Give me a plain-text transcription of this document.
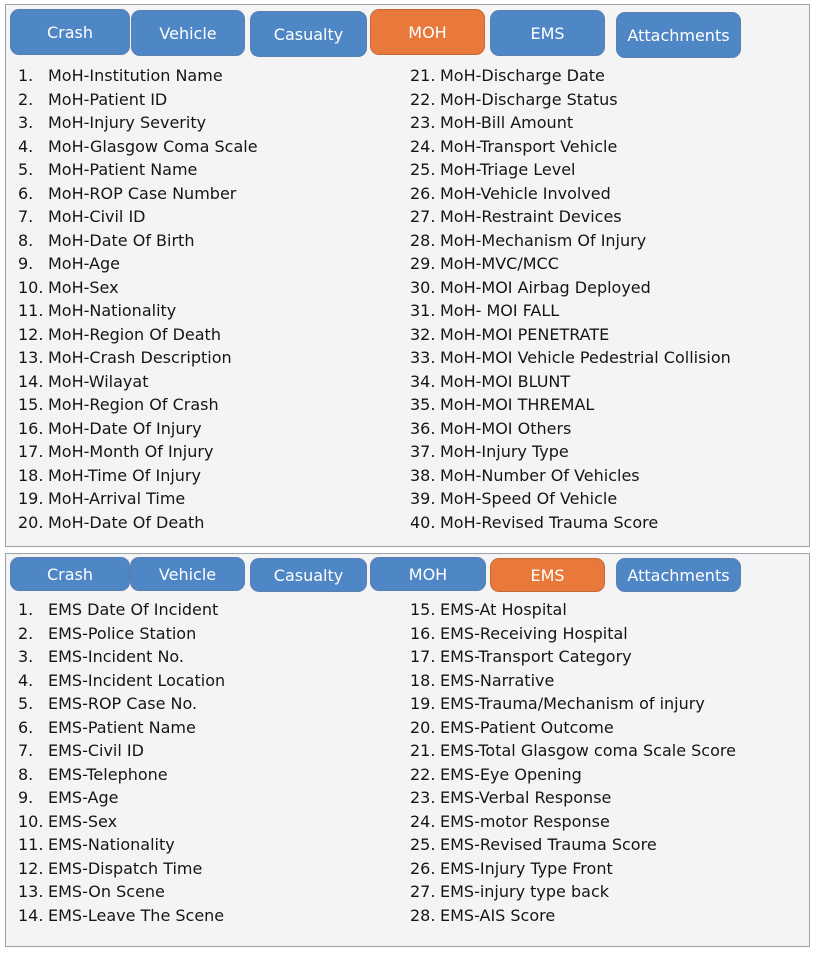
Crash	Vehicle	Casualty	MOH	EMS	Attachments
1. MoH-Institution Name
2. MoH-Patient ID
3. MoH-Injury Severity
4. MoH-Glasgow Coma Scale
5. MoH-Patient Name
6. MoH-ROP Case Number
7. MoH-Civil ID
8. MoH-Date Of Birth
9. MoH-Age
10. MoH-Sex
11. MoH-Nationality
12. MoH-Region Of Death
13. MoH-Crash Description
14. MoH-Wilayat
15. MoH-Region Of Crash
16. MoH-Date Of Injury
17. MoH-Month Of Injury
18. MoH-Time Of Injury
19. MoH-Arrival Time
20. MoH-Date Of Death
21. MoH-Discharge Date
22. MoH-Discharge Status
23. MoH-Bill Amount
24. MoH-Transport Vehicle
25. MoH-Triage Level
26. MoH-Vehicle Involved
27. MoH-Restraint Devices
28. MoH-Mechanism Of Injury
29. MoH-MVC/MCC
30. MoH-MOI Airbag Deployed
31. MoH- MOI FALL
32. MoH-MOI PENETRATE
33. MoH-MOI Vehicle Pedestrial Collision
34. MoH-MOI BLUNT
35. MoH-MOI THREMAL
36. MoH-MOI Others
37. MoH-Injury Type
38. MoH-Number Of Vehicles
39. MoH-Speed Of Vehicle
40. MoH-Revised Trauma Score
Crash	Vehicle	Casualty	MOH	EMS	Attachments
1. EMS Date Of Incident
2. EMS-Police Station
3. EMS-Incident No.
4. EMS-Incident Location
5. EMS-ROP Case No.
6. EMS-Patient Name
7. EMS-Civil ID
8. EMS-Telephone
9. EMS-Age
10. EMS-Sex
11. EMS-Nationality
12. EMS-Dispatch Time
13. EMS-On Scene
14. EMS-Leave The Scene
15. EMS-At Hospital
16. EMS-Receiving Hospital
17. EMS-Transport Category
18. EMS-Narrative
19. EMS-Trauma/Mechanism of injury
20. EMS-Patient Outcome
21. EMS-Total Glasgow coma Scale Score
22. EMS-Eye Opening
23. EMS-Verbal Response
24. EMS-motor Response
25. EMS-Revised Trauma Score
26. EMS-Injury Type Front
27. EMS-injury type back
28. EMS-AIS Score
